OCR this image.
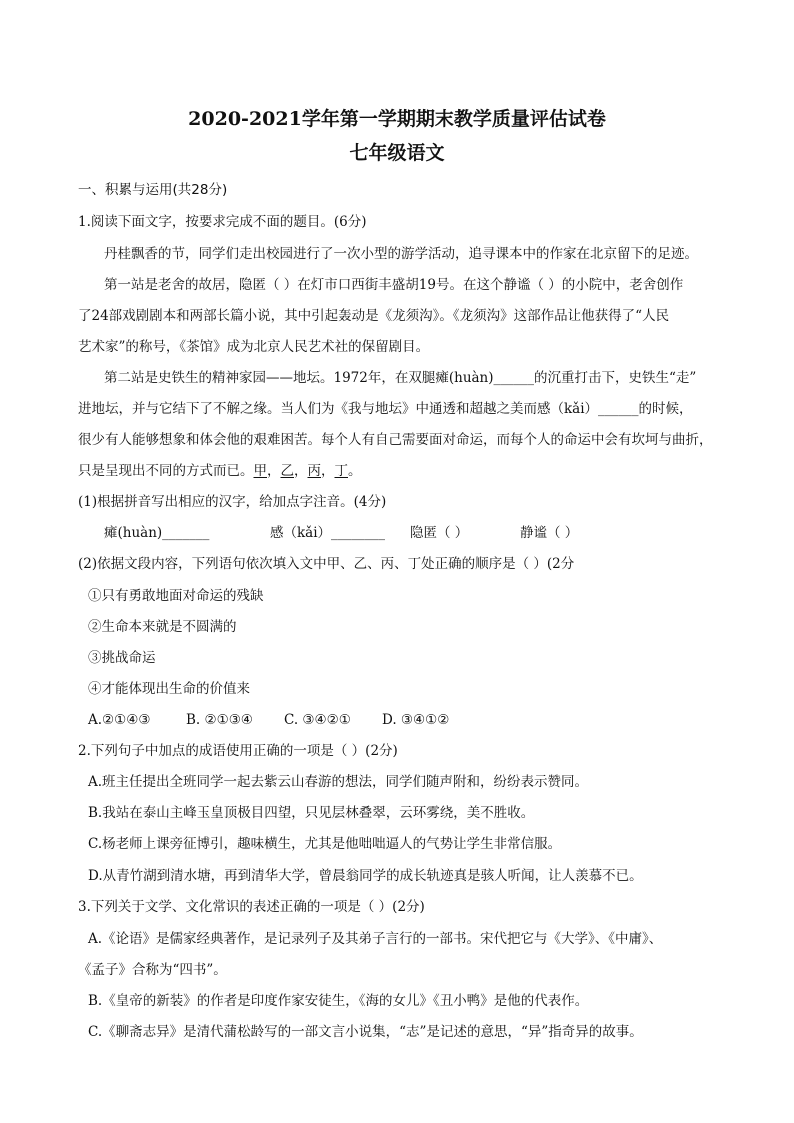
2020-2021学年第一学期期末教学质量评估试卷
七年级语文
一、积累与运用(共28分)
1.阅读下面文字，按要求完成不面的题目。(6分)
丹桂飘香的节，同学们走出校园进行了一次小型的游学活动，追寻课本中的作家在北京留下的足迹。
第一站是老舍的故居，隐匿（ ）在灯市口西街丰盛胡19号。在这个静谧（ ）的小院中，老舍创作
了24部戏剧剧本和两部长篇小说，其中引起轰动是《龙须沟》。《龙须沟》这部作品让他获得了“人民
艺术家”的称号，《茶馆》成为北京人民艺术社的保留剧目。
第二站是史铁生的精神家园——地坛。1972年，在双腿瘫(huàn)______的沉重打击下，史铁生“走”
进地坛，并与它结下了不解之缘。当人们为《我与地坛》中通透和超越之美而感（kǎi）______的时候，
很少有人能够想象和体会他的艰难困苦。每个人有自己需要面对命运，而每个人的命运中会有坎坷与曲折，
只是呈现出不同的方式而已。甲，乙，丙，丁。
(1)根据拼音写出相应的汉字，给加点字注音。(4分)
瘫(huàn)_______	感（kǎi）________ 隐匿（ ）	静谧（ ）
(2)依据文段内容，下列语句依次填入文中甲、乙、丙、丁处正确的顺序是（ ）(2分
①只有勇敢地面对命运的残缺
②生命本来就是不圆满的
③挑战命运
④才能体现出生命的价值来
A.②①④③	B. ②①③④ C. ③④②① D. ③④①②
2.下列句子中加点的成语使用正确的一项是（ ）(2分)
A.班主任提出全班同学一起去紫云山春游的想法，同学们随声附和，纷纷表示赞同。
B.我站在泰山主峰玉皇顶极目四望，只见层林叠翠，云环雾绕，美不胜收。
C.杨老师上课旁征博引，趣味横生，尤其是他咄咄逼人的气势让学生非常信服。
D.从青竹湖到清水塘，再到清华大学，曾晨翁同学的成长轨迹真是骇人听闻，让人羡慕不已。
3.下列关于文学、文化常识的表述正确的一项是（ ）(2分)
A.《论语》是儒家经典著作，是记录列子及其弟子言行的一部书。宋代把它与《大学》、《中庸》、
《孟子》合称为“四书”。
B.《皇帝的新装》的作者是印度作家安徒生，《海的女儿》《丑小鸭》是他的代表作。
C.《聊斋志异》是清代蒲松龄写的一部文言小说集，“志”是记述的意思，“异”指奇异的故事。
